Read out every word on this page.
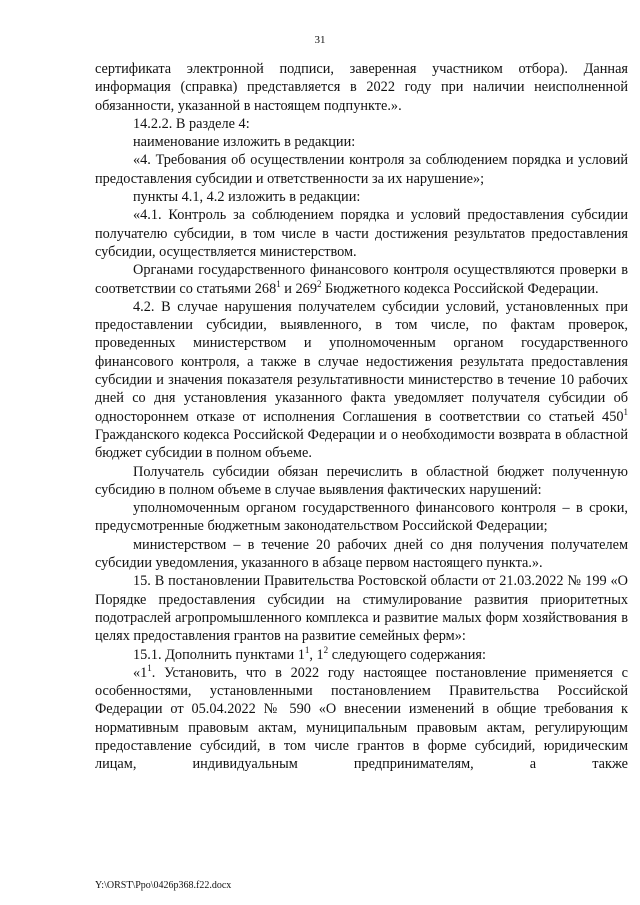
31

сертификата электронной подписи, заверенная участником отбора). Данная информация (справка) представляется в 2022 году при наличии неисполненной обязанности, указанной в настоящем подпункте.».

14.2.2. В разделе 4:

наименование изложить в редакции:

«4. Требования об осуществлении контроля за соблюдением порядка и условий предоставления субсидии и ответственности за их нарушение»;

пункты 4.1, 4.2 изложить в редакции:

«4.1. Контроль за соблюдением порядка и условий предоставления субсидии получателю субсидии, в том числе в части достижения результатов предоставления субсидии, осуществляется министерством.

Органами государственного финансового контроля осуществляются проверки в соответствии со статьями $268^1$ и $269^2$ Бюджетного кодекса Российской Федерации.

4.2. В случае нарушения получателем субсидии условий, установленных при предоставлении субсидии, выявленного, в том числе, по фактам проверок, проведенных министерством и уполномоченным органом государственного финансового контроля, а также в случае недостижения результата предоставления субсидии и значения показателя результативности министерство в течение 10 рабочих дней со дня установления указанного факта уведомляет получателя субсидии об одностороннем отказе от исполнения Соглашения в соответствии со статьей $450^1$ Гражданского кодекса Российской Федерации и о необходимости возврата в областной бюджет субсидии в полном объеме.

Получатель субсидии обязан перечислить в областной бюджет полученную субсидию в полном объеме в случае выявления фактических нарушений:

уполномоченным органом государственного финансового контроля – в сроки, предусмотренные бюджетным законодательством Российской Федерации;

министерством – в течение 20 рабочих дней со дня получения получателем субсидии уведомления, указанного в абзаце первом настоящего пункта.».

15. В постановлении Правительства Ростовской области от 21.03.2022 № 199 «О Порядке предоставления субсидии на стимулирование развития приоритетных подотраслей агропромышленного комплекса и развитие малых форм хозяйствования в целях предоставления грантов на развитие семейных ферм»:

15.1. Дополнить пунктами $1^1$, $1^2$ следующего содержания:

«$1^1$. Установить, что в 2022 году настоящее постановление применяется с особенностями, установленными постановлением Правительства Российской Федерации от 05.04.2022 № 590 «О внесении изменений в общие требования к нормативным правовым актам, муниципальным правовым актам, регулирующим предоставление субсидий, в том числе грантов в форме субсидий, юридическим лицам, индивидуальным предпринимателям, а также

Y:\ORST\Ppo\0426p368.f22.docx
